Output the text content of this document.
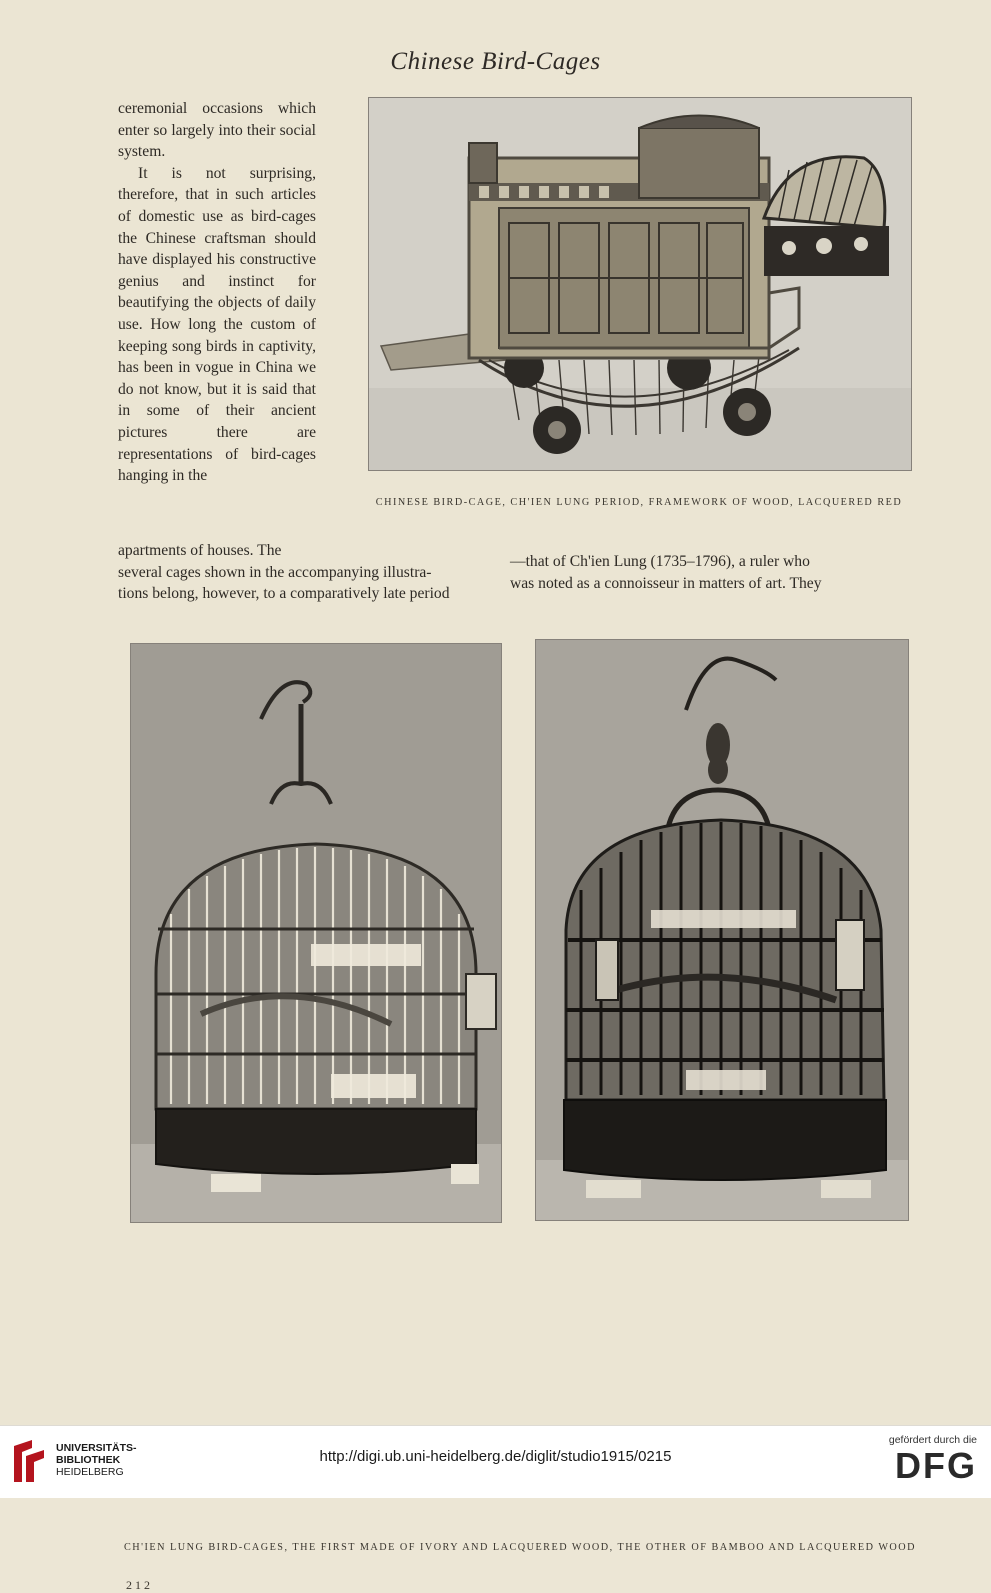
Chinese Bird-Cages

ceremonial occasions which enter so largely into their social system.

It is not surprising, therefore, that in such articles of domestic use as bird-cages the Chinese craftsman should have displayed his constructive genius and instinct for beautifying the objects of daily use. How long the custom of keeping song birds in captivity, has been in vogue in China we do not know, but it is said that in some of their ancient pictures there are representations of bird-cages hanging in the

apartments of houses. The
several cages shown in the accompanying illustra-
tions belong, however, to a comparatively late period
—that of Ch'ien Lung (1735–1796), a ruler who
was noted as a connoisseur in matters of art. They
CHINESE BIRD-CAGE, CH'IEN LUNG PERIOD, FRAMEWORK OF WOOD, LACQUERED RED
CH'IEN LUNG BIRD-CAGES, THE FIRST MADE OF IVORY AND LACQUERED WOOD, THE OTHER OF BAMBOO AND LACQUERED WOOD
212
UNIVERSITÄTS-
BIBLIOTHEK
HEIDELBERG
http://digi.ub.uni-heidelberg.de/diglit/studio1915/0215
gefördert durch die
DFG
